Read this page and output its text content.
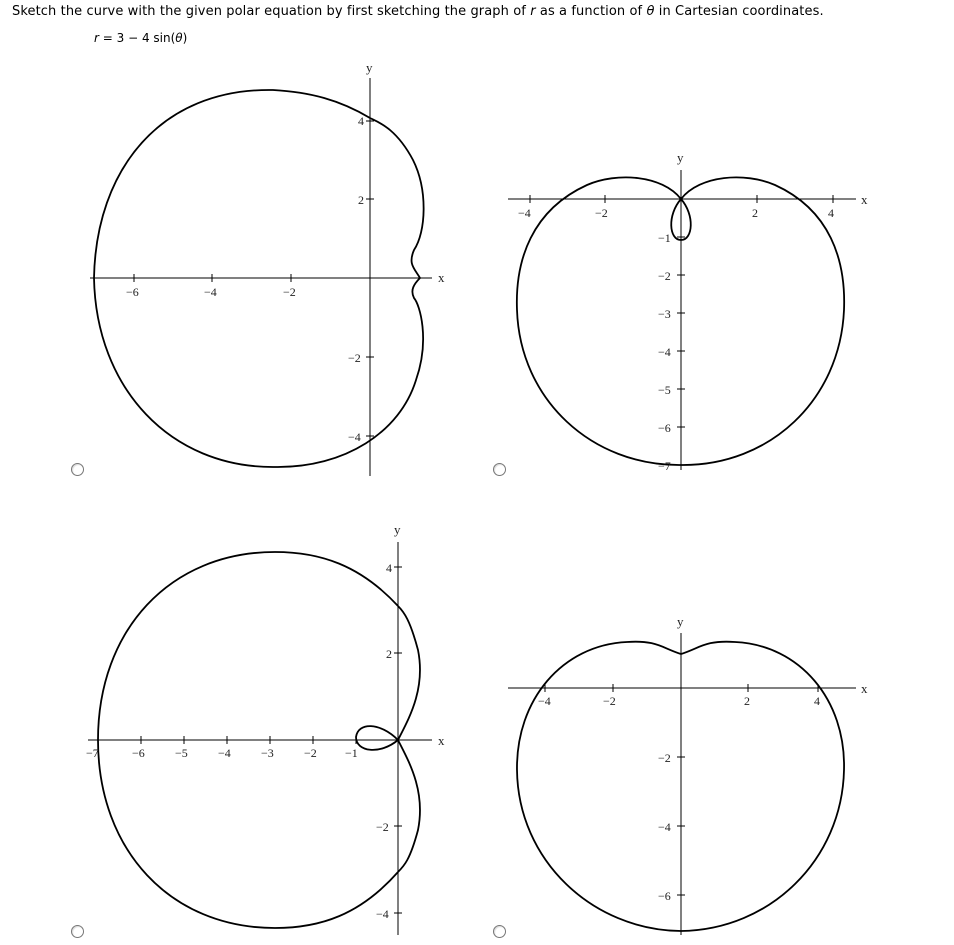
Sketch the curve with the given polar equation by first sketching the graph of r as a function of θ in Cartesian coordinates.
r = 3 − 4 sin(θ)
−6	−4	−2
4
2
−2
−4
x
y
−4	−2	2	4
−1
−2
−3
−4
−5
−6
−7
x
y
−7	−6	−5	−4	−3	−2 −1
4
2
−2
−4
x
y
−4	−2	2	4
−2
−4
−6
x
y
